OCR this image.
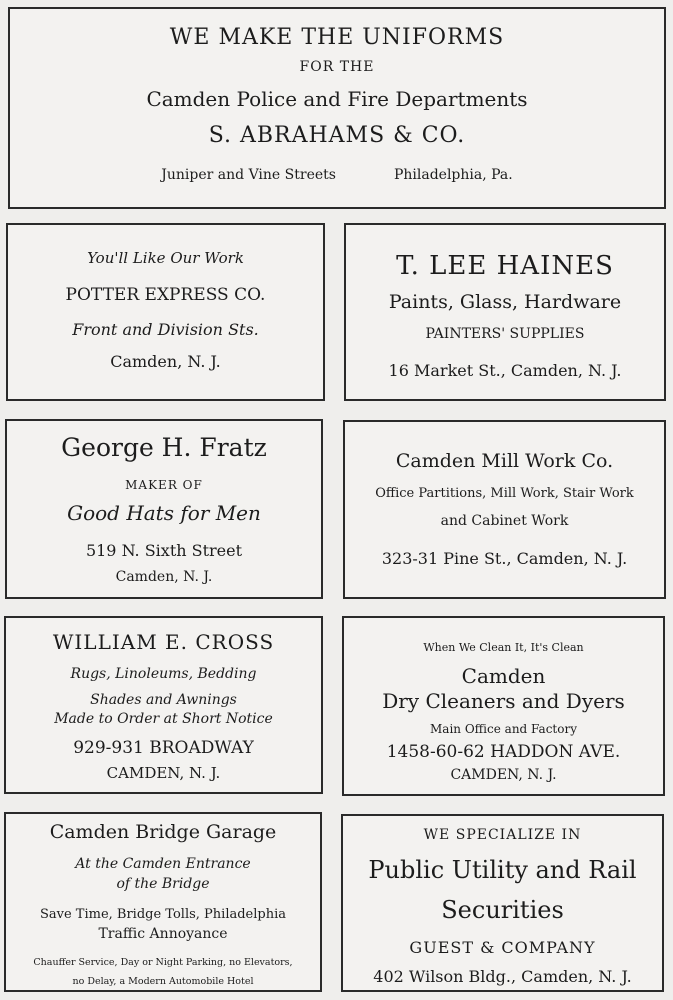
WE MAKE THE UNIFORMS
FOR THE
Camden Police and Fire Departments
S. ABRAHAMS & CO.
Juniper and Vine Streets	Philadelphia, Pa.
You'll Like Our Work
POTTER EXPRESS CO.
Front and Division Sts.
Camden, N. J.
T. LEE HAINES
Paints, Glass, Hardware
PAINTERS' SUPPLIES
16 Market St., Camden, N. J.
George H. Fratz
MAKER OF
Good Hats for Men
519 N. Sixth Street
Camden, N. J.
Camden Mill Work Co.
Office Partitions, Mill Work, Stair Work
and Cabinet Work
323-31 Pine St., Camden, N. J.
WILLIAM E. CROSS
Rugs, Linoleums, Bedding
Shades and Awnings
Made to Order at Short Notice
929-931 BROADWAY
CAMDEN, N. J.
When We Clean It, It's Clean
Camden
Dry Cleaners and Dyers
Main Office and Factory
1458-60-62 HADDON AVE.
CAMDEN, N. J.
Camden Bridge Garage
At the Camden Entrance
of the Bridge
Save Time, Bridge Tolls, Philadelphia
Traffic Annoyance
Chauffer Service, Day or Night Parking, no Elevators,
no Delay, a Modern Automobile Hotel
WE SPECIALIZE IN
Public Utility and Rail
Securities
GUEST & COMPANY
402 Wilson Bldg., Camden, N. J.
